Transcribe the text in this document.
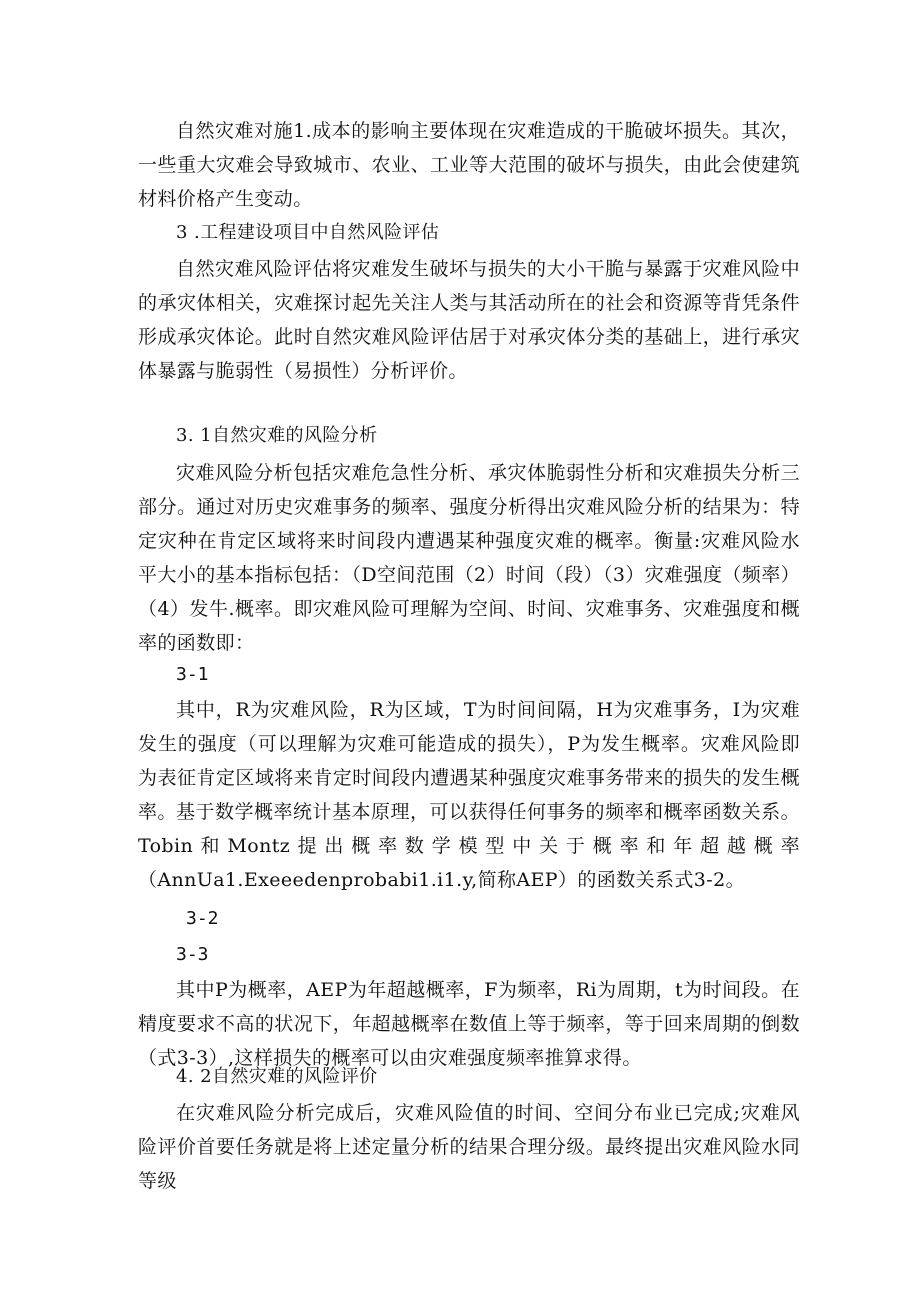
自然灾难对施1.成本的影响主要体现在灾难造成的干脆破坏损失。其次，一些重大灾难会导致城市、农业、工业等大范围的破坏与损失，由此会使建筑材料价格产生变动。

3 .工程建设项目中自然风险评估

自然灾难风险评估将灾难发生破坏与损失的大小干脆与暴露于灾难风险中的承灾体相关，灾难探讨起先关注人类与其活动所在的社会和资源等背凭条件形成承灾体论。此时自然灾难风险评估居于对承灾体分类的基础上，进行承灾体暴露与脆弱性（易损性）分析评价。

3. 1自然灾难的风险分析

灾难风险分析包括灾难危急性分析、承灾体脆弱性分析和灾难损失分析三部分。通过对历史灾难事务的频率、强度分析得出灾难风险分析的结果为：特定灾种在肯定区域将来时间段内遭遇某种强度灾难的概率。衡量:灾难风险水平大小的基本指标包括：（D空间范围（2）时间（段）（3）灾难强度（频率）（4）发牛.概率。即灾难风险可理解为空间、时间、灾难事务、灾难强度和概率的函数即：

3-1

其中，R为灾难风险，R为区域，T为时间间隔，H为灾难事务，I为灾难发生的强度（可以理解为灾难可能造成的损失），P为发生概率。灾难风险即为表征肯定区域将来肯定时间段内遭遇某种强度灾难事务带来的损失的发生概率。 基于数学概率统计基本原理，可以获得任何事务的频率和概率函数关系。Tobin和Montz提出概率数学模型中关于概率和年超越概率（AnnUa1.Exeeedenprobabi1.i1.y,简称AEP）的函数关系式3-2。

3-2

3-3

其中P为概率，AEP为年超越概率，F为频率，Ri为周期，t为时间段。在精度要求不高的状况下，年超越概率在数值上等于频率，等于回来周期的倒数（式3-3）,这样损失的概率可以由灾难强度频率推算求得。

4. 2自然灾难的风险评价

在灾难风险分析完成后，灾难风险值的时间、空间分布业已完成;灾难风险评价首要任务就是将上述定量分析的结果合理分级。最终提出灾难风险水同等级
